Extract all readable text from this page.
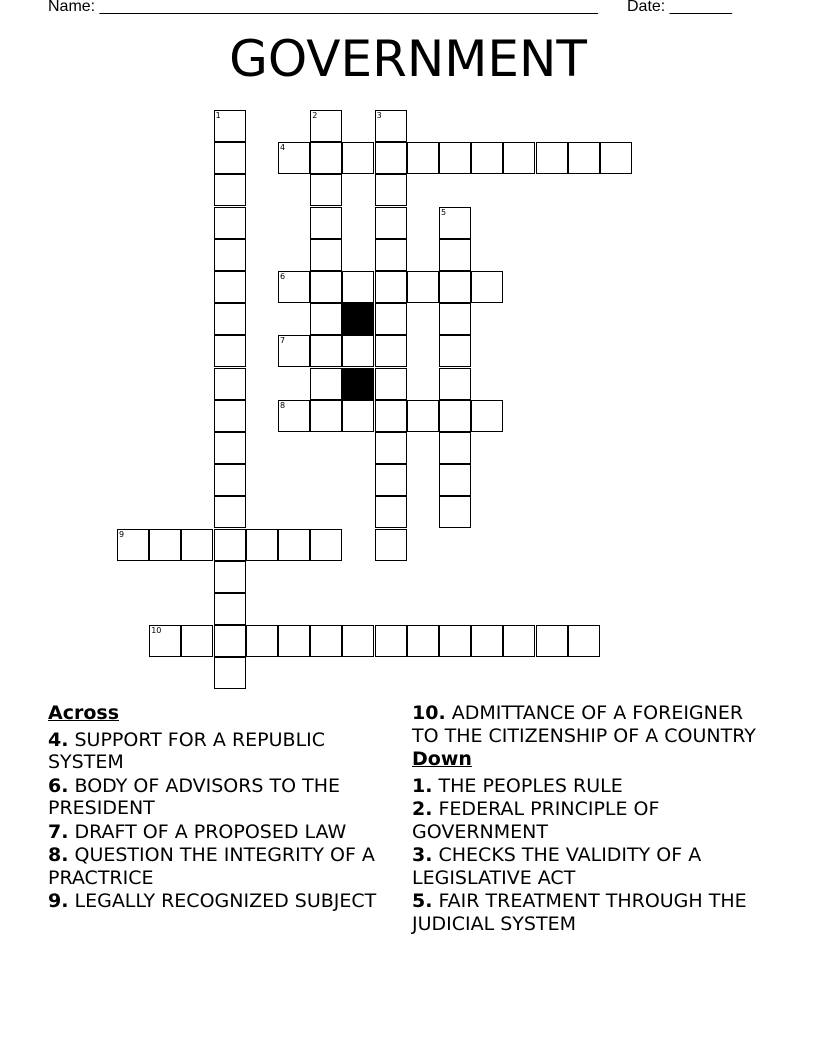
Name: ________________________________________________________ Date: _______
GOVERNMENT
1	2	3
4
5
6
7
8
9
10
Across
4. SUPPORT FOR A REPUBLIC SYSTEM
6. BODY OF ADVISORS TO THE PRESIDENT
7. DRAFT OF A PROPOSED LAW
8. QUESTION THE INTEGRITY OF A PRACTRICE
9. LEGALLY RECOGNIZED SUBJECT
10. ADMITTANCE OF A FOREIGNER TO THE CITIZENSHIP OF A COUNTRY
Down
1. THE PEOPLES RULE
2. FEDERAL PRINCIPLE OF GOVERNMENT
3. CHECKS THE VALIDITY OF A LEGISLATIVE ACT
5. FAIR TREATMENT THROUGH THE JUDICIAL SYSTEM
